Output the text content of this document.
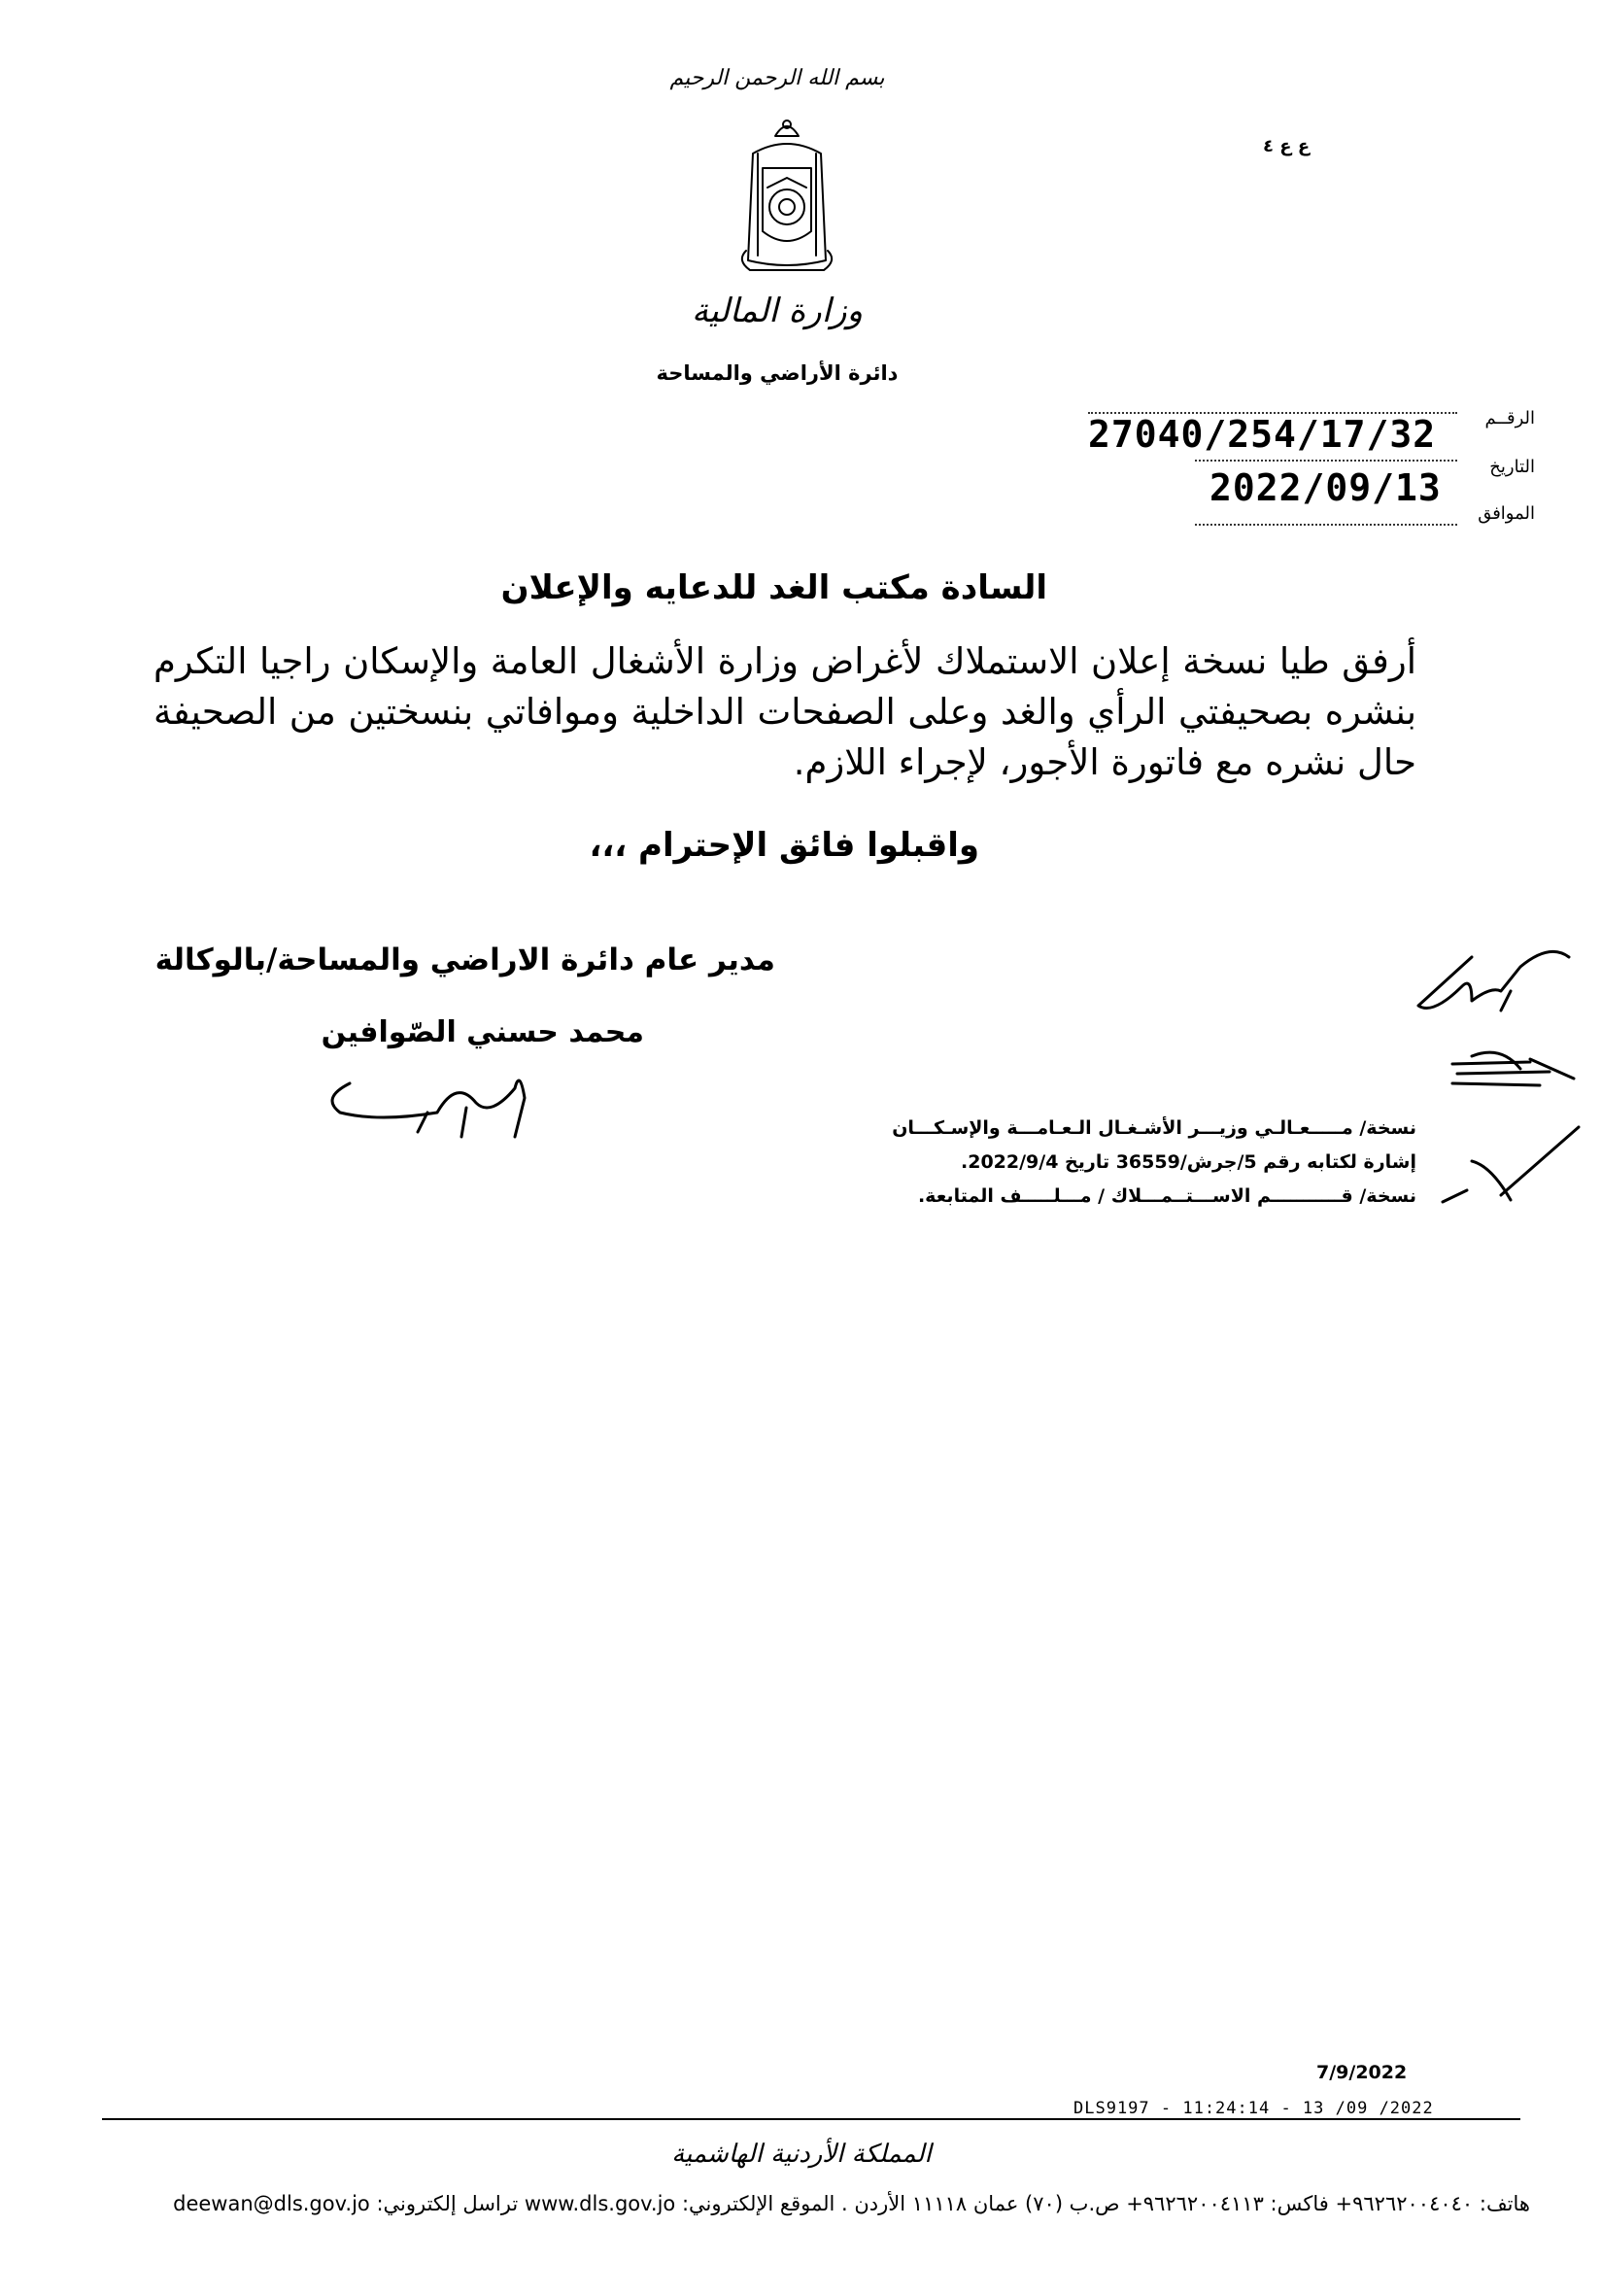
بسم الله الرحمن الرحيم
وزارة المالية
دائرة الأراضي والمساحة
ع ع ٤
الرقــم
27040/254/17/32
التاريخ
2022/09/13
الموافق
السادة مكتب الغد للدعايه والإعلان
أرفق طيا نسخة إعلان الاستملاك لأغراض وزارة الأشغال العامة والإسكان راجيا التكرم بنشره بصحيفتي الرأي والغد وعلى الصفحات الداخلية وموافاتي بنسختين من الصحيفة حال نشره مع فاتورة الأجور، لإجراء اللازم.
واقبلوا فائق الإحترام ،،،
مدير عام دائرة الاراضي والمساحة/بالوكالة
محمد حسني الصّوافين
نسخة/ مـــــعـالـي وزيـــر الأشـغـال الـعـامـــة والإسـكـــان
إشارة لكتابه رقم 5/جرش/36559 تاريخ 2022/9/4.
نسخة/ قـــــــــــم الاســـتــمـــلاك / مـــلـــــف المتابعة.
7/9/2022
DLS9197 - 11:24:14 - 13 /09 /2022
المملكة الأردنية الهاشمية
هاتف: ٩٦٢٦٢٠٠٤٠٤٠+ فاكس: ٩٦٢٦٢٠٠٤١١٣+ ص.ب (٧٠) عمان ١١١١٨ الأردن . الموقع الإلكتروني: www.dls.gov.jo تراسل إلكتروني: deewan@dls.gov.jo
